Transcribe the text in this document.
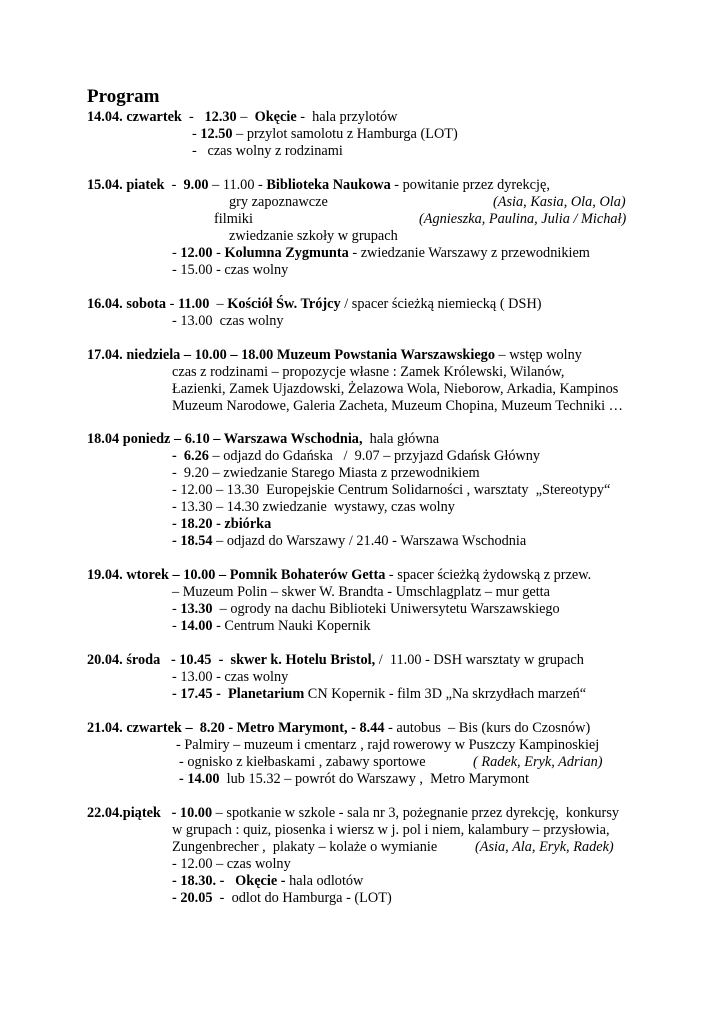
Program
14.04. czwartek  -   12.30 –  Okęcie -  hala przylotów
- 12.50 – przylot samolotu z Hamburga (LOT)
-   czas wolny z rodzinami
15.04. piatek  -  9.00 – 11.00 - Biblioteka Naukowa - powitanie przez dyrekcję,
gry zapoznawcze	(Asia, Kasia, Ola, Ola)
filmiki	(Agnieszka, Paulina, Julia / Michał)
zwiedzanie szkoły w grupach
- 12.00 - Kolumna Zygmunta - zwiedzanie Warszawy z przewodnikiem
- 15.00 - czas wolny
16.04. sobota - 11.00  – Kościół Św. Trójcy / spacer ścieżką niemiecką ( DSH)
- 13.00  czas wolny
17.04. niedziela – 10.00 – 18.00 Muzeum Powstania Warszawskiego – wstęp wolny
czas z rodzinami – propozycje własne : Zamek Królewski, Wilanów,
Łazienki, Zamek Ujazdowski, Żelazowa Wola, Nieborow, Arkadia, Kampinos
Muzeum Narodowe, Galeria Zacheta, Muzeum Chopina, Muzeum Techniki …
18.04 poniedz – 6.10 – Warszawa Wschodnia,  hala główna
-  6.26 – odjazd do Gdańska   /  9.07 – przyjazd Gdańsk Główny
-  9.20 – zwiedzanie Starego Miasta z przewodnikiem
- 12.00 – 13.30  Europejskie Centrum Solidarności , warsztaty  „Stereotypy“
- 13.30 – 14.30 zwiedzanie  wystawy, czas wolny
- 18.20 - zbiórka
- 18.54 – odjazd do Warszawy / 21.40 - Warszawa Wschodnia
19.04. wtorek – 10.00 – Pomnik Bohaterów Getta - spacer ścieżką żydowską z przew.
– Muzeum Polin – skwer W. Brandta - Umschlagplatz – mur getta
- 13.30  – ogrody na dachu Biblioteki Uniwersytetu Warszawskiego
- 14.00 - Centrum Nauki Kopernik
20.04. środa   - 10.45  -  skwer k. Hotelu Bristol, /  11.00 - DSH warsztaty w grupach
- 13.00 - czas wolny
- 17.45 -  Planetarium CN Kopernik - film 3D „Na skrzydłach marzeń“
21.04. czwartek –  8.20 - Metro Marymont, - 8.44 - autobus  – Bis (kurs do Czosnów)
- Palmiry – muzeum i cmentarz , rajd rowerowy w Puszczy Kampinoskiej
- ognisko z kiełbaskami , zabawy sportowe	( Radek, Eryk, Adrian)
- 14.00  lub 15.32 – powrót do Warszawy ,  Metro Marymont
22.04.piątek   - 10.00 – spotkanie w szkole - sala nr 3, pożegnanie przez dyrekcję,  konkursy
w grupach : quiz, piosenka i wiersz w j. pol i niem, kalambury – przysłowia,
Zungenbrecher ,  plakaty – kolaże o wymianie	(Asia, Ala, Eryk, Radek)
- 12.00 – czas wolny
- 18.30. -   Okęcie - hala odlotów
- 20.05  -  odlot do Hamburga - (LOT)
